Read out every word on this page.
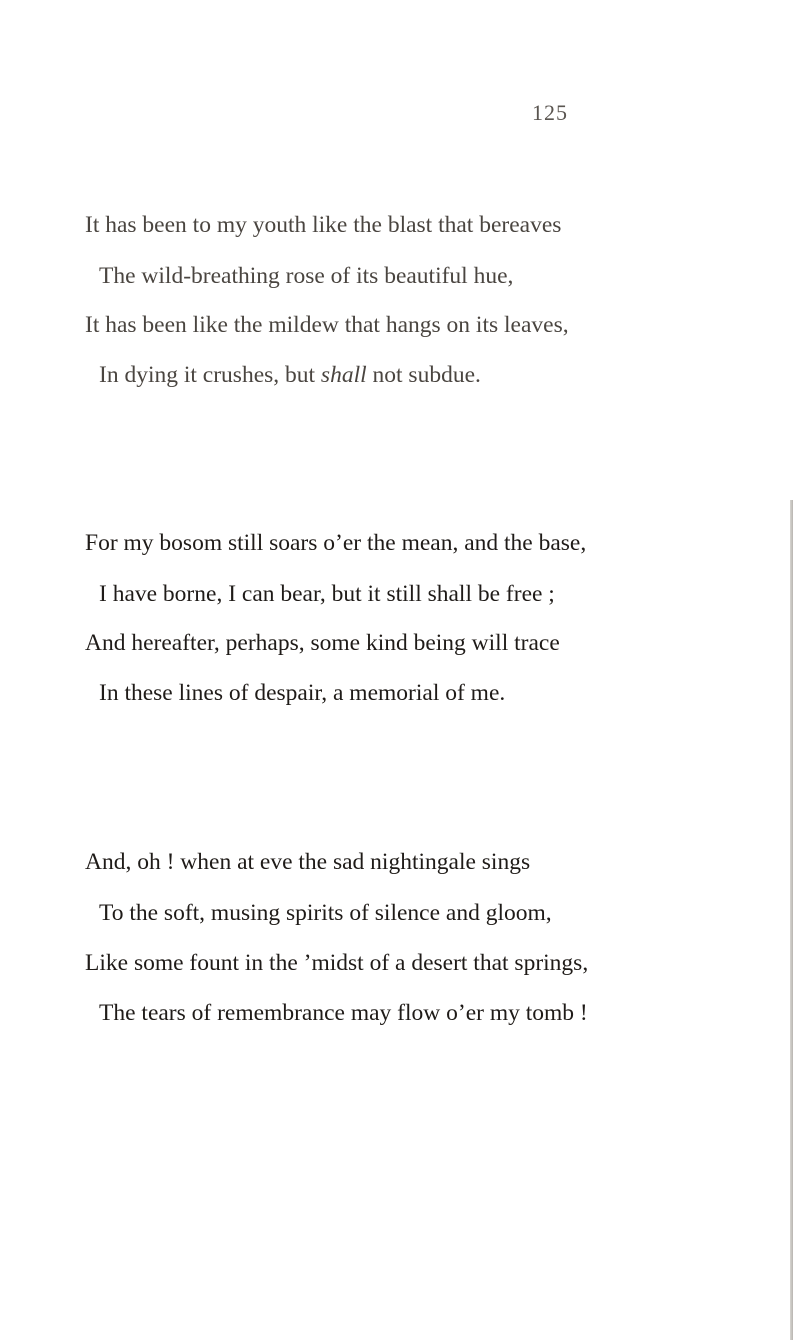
125
It has been to my youth like the blast that bereaves
The wild-breathing rose of its beautiful hue,
It has been like the mildew that hangs on its leaves,
In dying it crushes, but shall not subdue.
For my bosom still soars o’er the mean, and the base,
I have borne, I can bear, but it still shall be free ;
And hereafter, perhaps, some kind being will trace
In these lines of despair, a memorial of me.
And, oh ! when at eve the sad nightingale sings
To the soft, musing spirits of silence and gloom,
Like some fount in the ’midst of a desert that springs,
The tears of remembrance may flow o’er my tomb !
